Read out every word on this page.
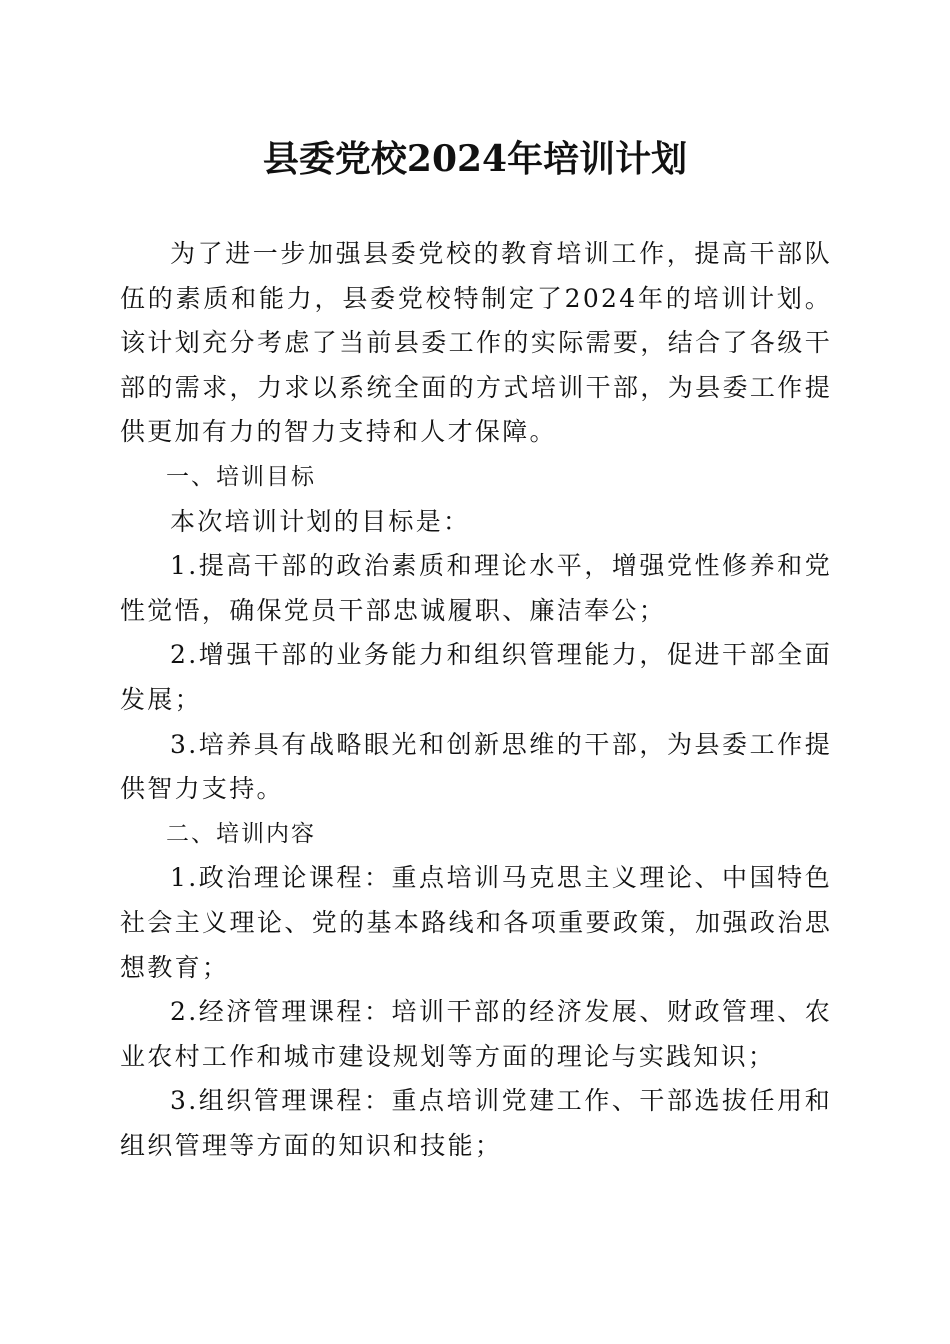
县委党校2024年培训计划

为了进一步加强县委党校的教育培训工作，提高干部队伍的素质和能力，县委党校特制定了2024年的培训计划。该计划充分考虑了当前县委工作的实际需要，结合了各级干部的需求，力求以系统全面的方式培训干部，为县委工作提供更加有力的智力支持和人才保障。

一、培训目标

本次培训计划的目标是：

1.提高干部的政治素质和理论水平，增强党性修养和党性觉悟，确保党员干部忠诚履职、廉洁奉公；

2.增强干部的业务能力和组织管理能力，促进干部全面发展；

3.培养具有战略眼光和创新思维的干部，为县委工作提供智力支持。

二、培训内容

1.政治理论课程：重点培训马克思主义理论、中国特色社会主义理论、党的基本路线和各项重要政策，加强政治思想教育；

2.经济管理课程：培训干部的经济发展、财政管理、农业农村工作和城市建设规划等方面的理论与实践知识；

3.组织管理课程：重点培训党建工作、干部选拔任用和组织管理等方面的知识和技能；
